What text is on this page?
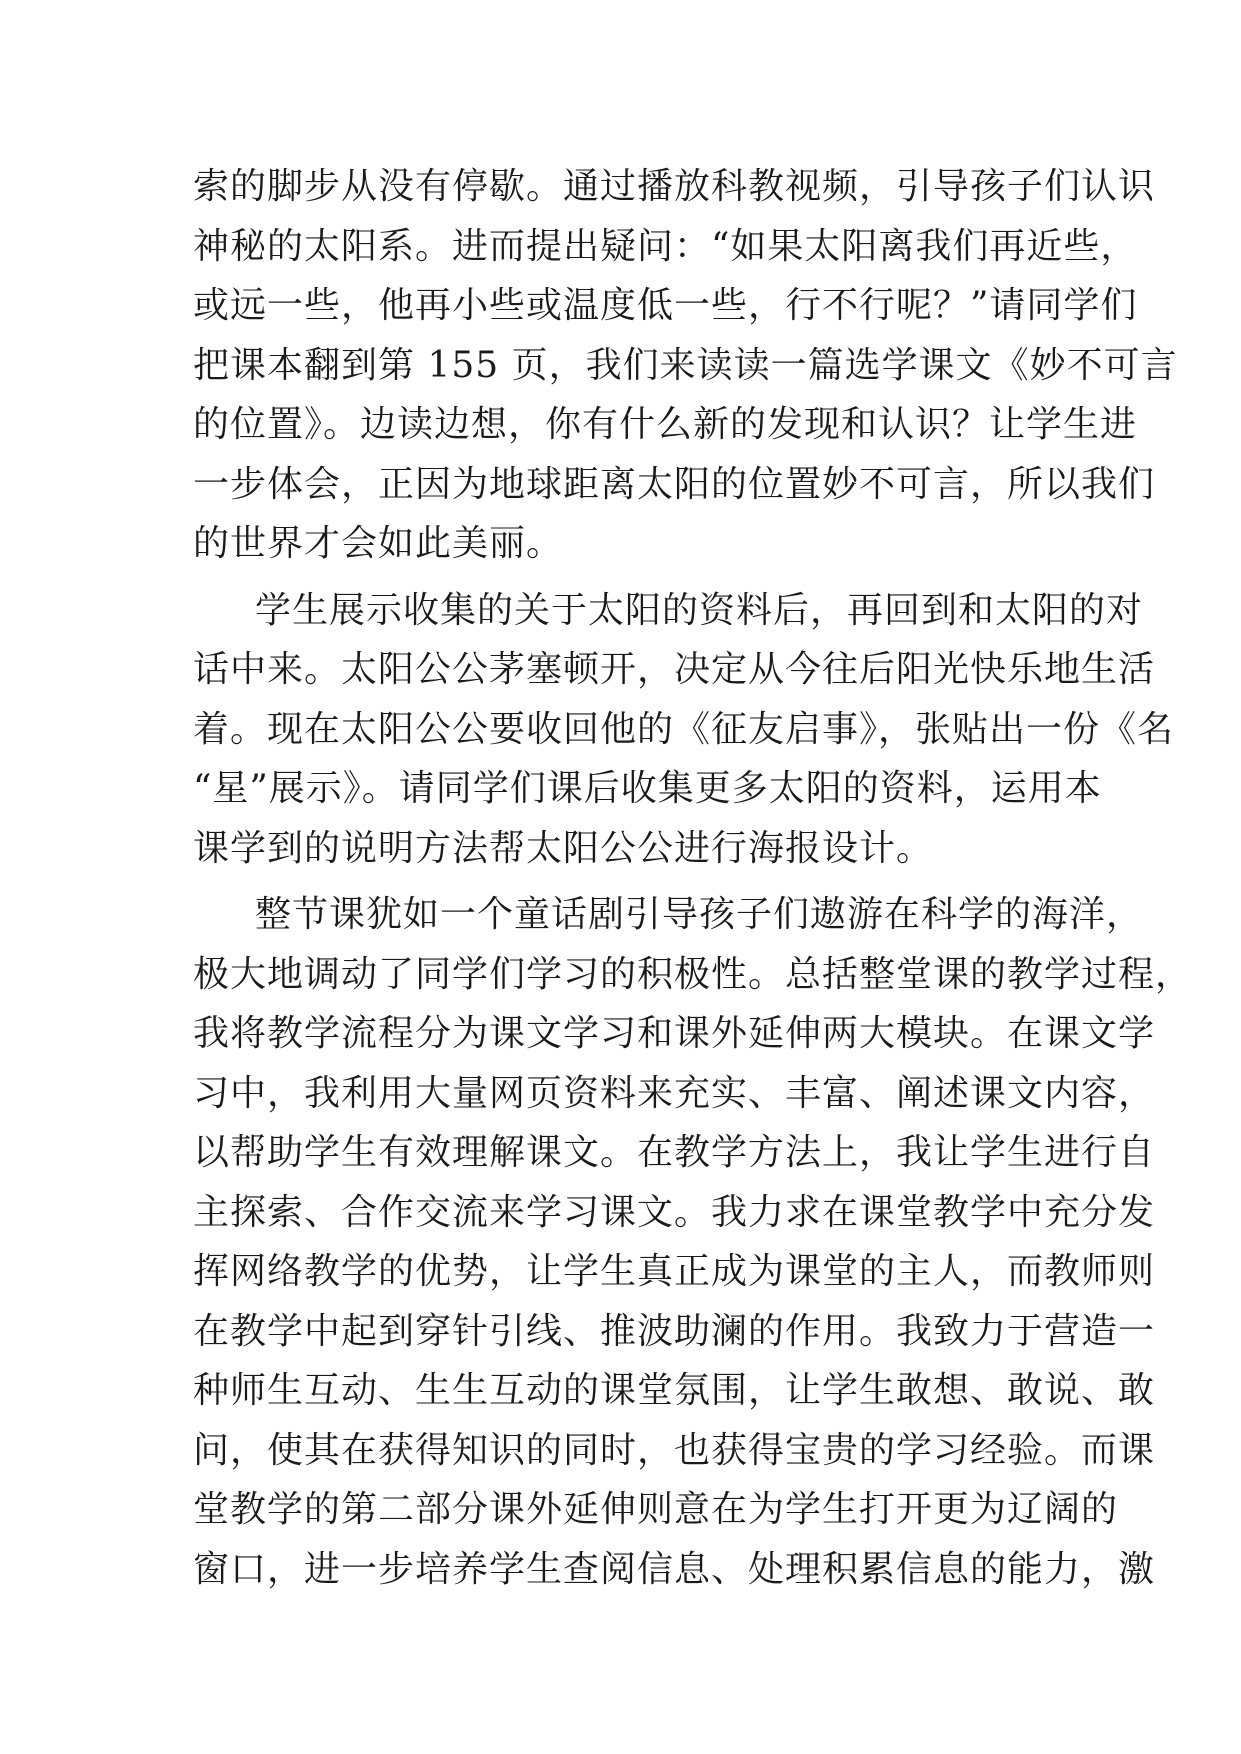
索的脚步从没有停歇。通过播放科教视频，引导孩子们认识
神秘的太阳系。进而提出疑问：“如果太阳离我们再近些，
或远一些，他再小些或温度低一些，行不行呢？”请同学们
把课本翻到第 155 页，我们来读读一篇选学课文《妙不可言
的位置》。边读边想，你有什么新的发现和认识？让学生进
一步体会，正因为地球距离太阳的位置妙不可言，所以我们
的世界才会如此美丽。
学生展示收集的关于太阳的资料后，再回到和太阳的对
话中来。太阳公公茅塞顿开，决定从今往后阳光快乐地生活
着。现在太阳公公要收回他的《征友启事》，张贴出一份《名
“星”展示》。请同学们课后收集更多太阳的资料，运用本
课学到的说明方法帮太阳公公进行海报设计。
整节课犹如一个童话剧引导孩子们遨游在科学的海洋，
极大地调动了同学们学习的积极性。总括整堂课的教学过程，
我将教学流程分为课文学习和课外延伸两大模块。在课文学
习中，我利用大量网页资料来充实、丰富、阐述课文内容，
以帮助学生有效理解课文。在教学方法上，我让学生进行自
主探索、合作交流来学习课文。我力求在课堂教学中充分发
挥网络教学的优势，让学生真正成为课堂的主人，而教师则
在教学中起到穿针引线、推波助澜的作用。我致力于营造一
种师生互动、生生互动的课堂氛围，让学生敢想、敢说、敢
问，使其在获得知识的同时，也获得宝贵的学习经验。而课
堂教学的第二部分课外延伸则意在为学生打开更为辽阔的
窗口，进一步培养学生查阅信息、处理积累信息的能力，激
